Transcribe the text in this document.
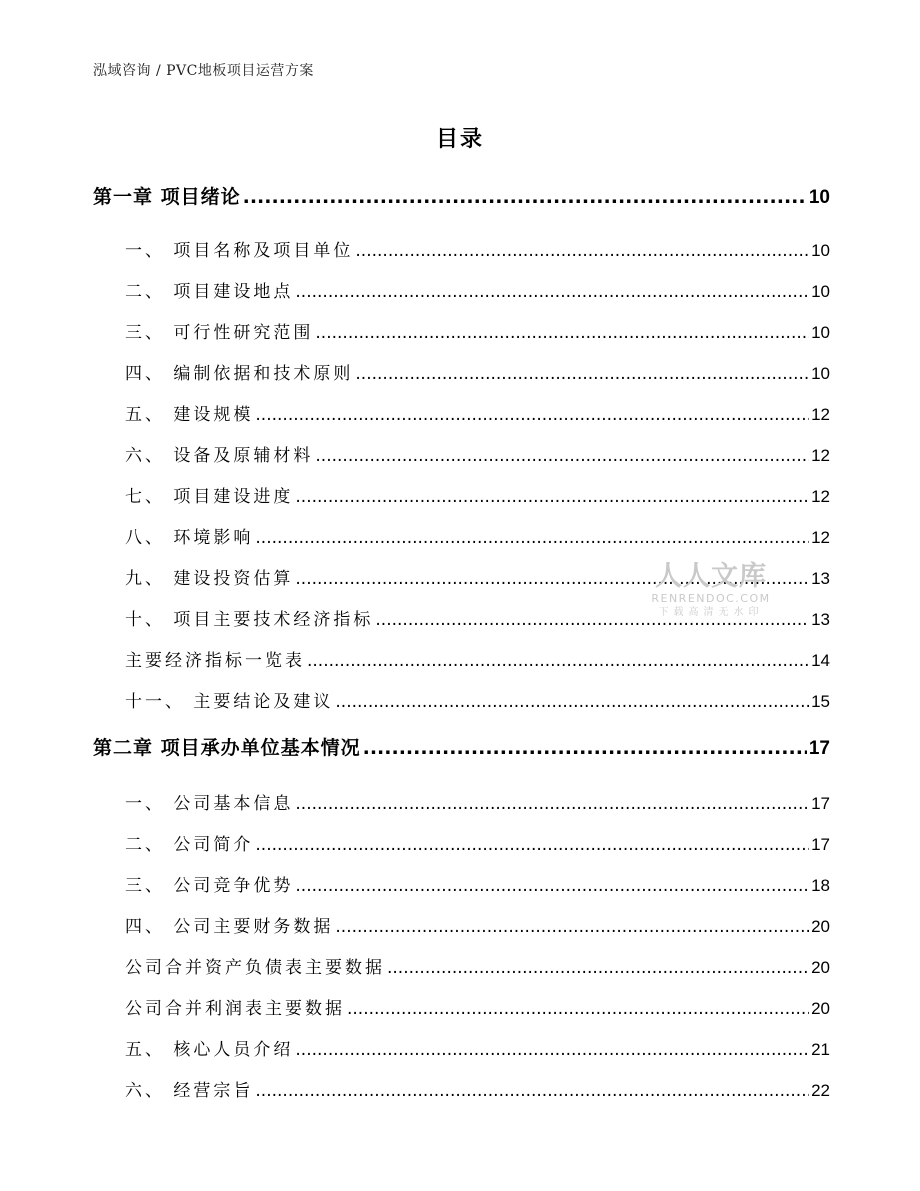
泓域咨询 / PVC地板项目运营方案
目录
第一章 项目绪论 .....	10
一、 项目名称及项目单位 .....	10
二、 项目建设地点 .....	10
三、 可行性研究范围 .....	10
四、 编制依据和技术原则 .....	10
五、 建设规模 .....	12
六、 设备及原辅材料 .....	12
七、 项目建设进度 .....	12
八、 环境影响 .....	12
九、 建设投资估算 .....	13
十、 项目主要技术经济指标 .....	13
主要经济指标一览表 .....	14
十一、 主要结论及建议 .....	15
第二章 项目承办单位基本情况 .....	17
一、 公司基本信息 .....	17
二、 公司简介 .....	17
三、 公司竞争优势 .....	18
四、 公司主要财务数据 .....	20
公司合并资产负债表主要数据 .....	20
公司合并利润表主要数据 .....	20
五、 核心人员介绍 .....	21
六、 经营宗旨 .....	22
人人文库
RENRENDOC.COM
下载高清无水印
